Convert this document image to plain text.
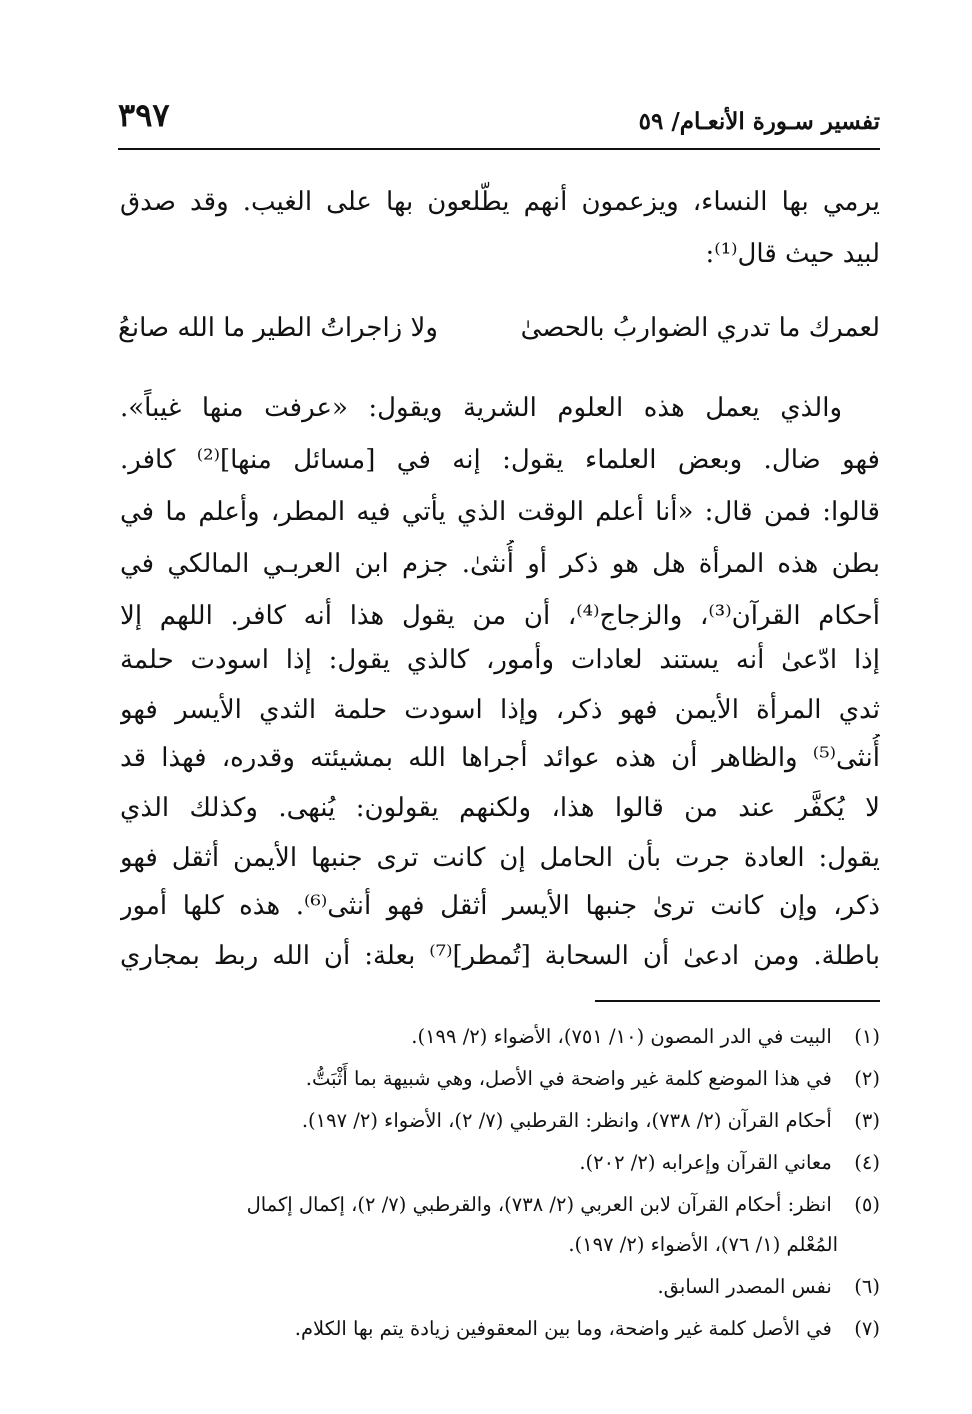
تفسير سـورة الأنعـام/ ٥٩
٣٩٧
يرمي بها النساء، ويزعمون أنهم يطّلعون بها على الغيب. وقد صدق
لبيد حيث قال⁽¹⁾:
لعمرك ما تدري الضواربُ بالحصىٰ
ولا زاجراتُ الطير ما الله صانعُ
والذي يعمل هذه العلوم الشرية ويقول: «عرفت منها غيباً».
فهو ضال. وبعض العلماء يقول: إنه في [مسائل منها]⁽²⁾ كافر.
قالوا: فمن قال: «أنا أعلم الوقت الذي يأتي فيه المطر، وأعلم ما في
بطن هذه المرأة هل هو ذكر أو أُنثىٰ. جزم ابن العربـي المالكي في
أحكام القرآن⁽³⁾، والزجاج⁽⁴⁾، أن من يقول هذا أنه كافر. اللهم إلا
إذا ادّعىٰ أنه يستند لعادات وأمور، كالذي يقول: إذا اسودت حلمة
ثدي المرأة الأيمن فهو ذكر، وإذا اسودت حلمة الثدي الأيسر فهو
أُنثى⁽⁵⁾ والظاهر أن هذه عوائد أجراها الله بمشيئته وقدره، فهذا قد
لا يُكفَّر عند من قالوا هذا، ولكنهم يقولون: يُنهى. وكذلك الذي
يقول: العادة جرت بأن الحامل إن كانت ترى جنبها الأيمن أثقل فهو
ذكر، وإن كانت ترىٰ جنبها الأيسر أثقل فهو أنثى⁽⁶⁾. هذه كلها أمور
باطلة. ومن ادعىٰ أن السحابة [تُمطر]⁽⁷⁾ بعلة: أن الله ربط بمجاري
(١) البيت في الدر المصون (١٠/ ٧٥١)، الأضواء (٢/ ١٩٩).
(٢) في هذا الموضع كلمة غير واضحة في الأصل، وهي شبيهة بما أَثْبَتُّ.
(٣) أحكام القرآن (٢/ ٧٣٨)، وانظر: القرطبي (٧/ ٢)، الأضواء (٢/ ١٩٧).
(٤) معاني القرآن وإعرابه (٢/ ٢٠٢).
(٥) انظر: أحكام القرآن لابن العربي (٢/ ٧٣٨)، والقرطبي (٧/ ٢)، إكمال إكمال
المُعْلم (١/ ٧٦)، الأضواء (٢/ ١٩٧).
(٦) نفس المصدر السابق.
(٧) في الأصل كلمة غير واضحة، وما بين المعقوفين زيادة يتم بها الكلام.
